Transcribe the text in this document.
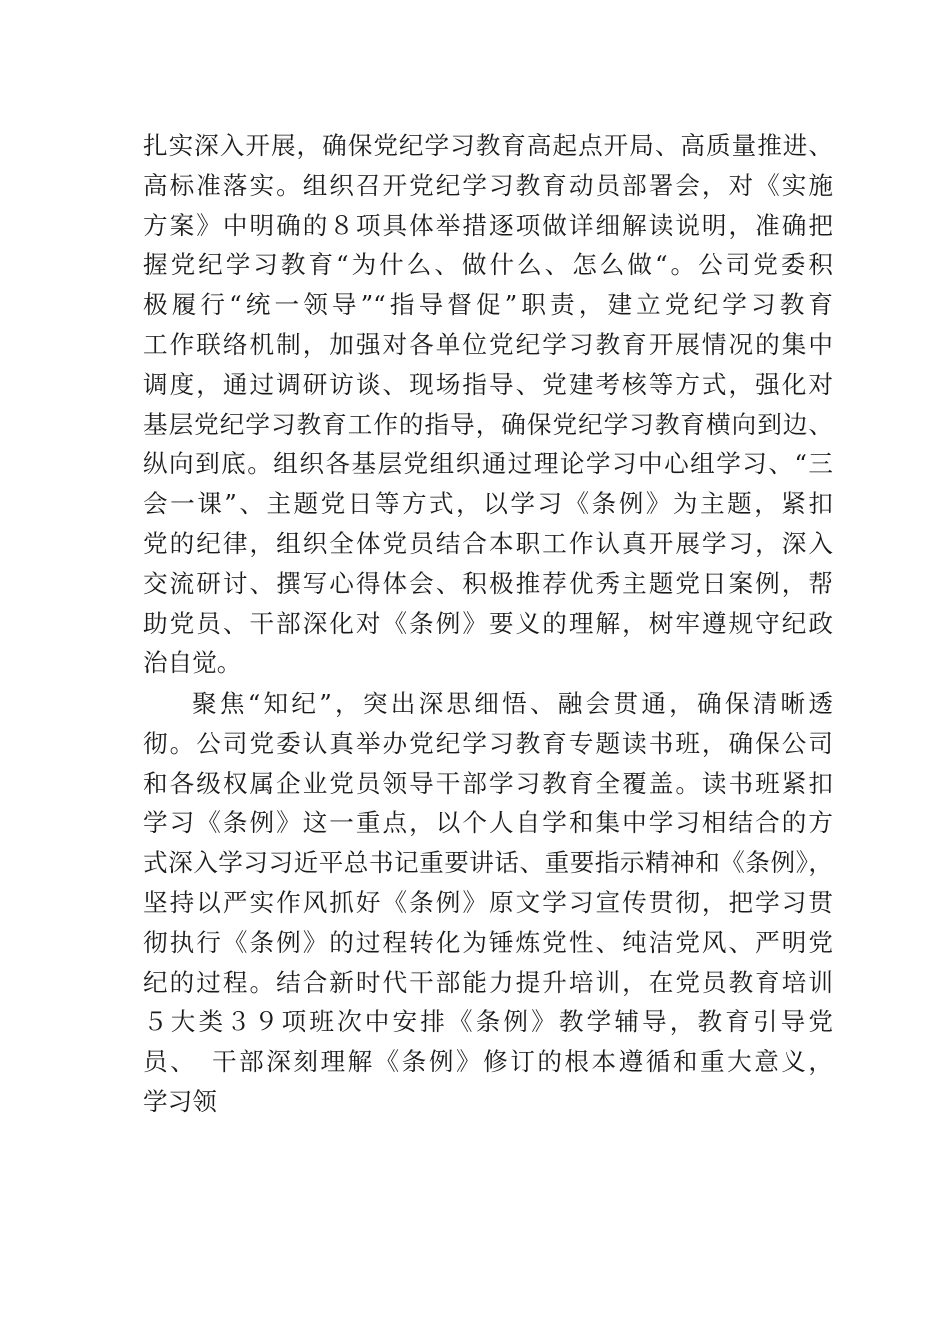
扎实深入开展，确保党纪学习教育高起点开局、高质量推进、
高标准落实。组织召开党纪学习教育动员部署会，对《实施
方案》中明确的８项具体举措逐项做详细解读说明，准确把
握党纪学习教育“为什么、做什么、怎么做“。公司党委积
极履行“统一领导”“指导督促”职责，建立党纪学习教育
工作联络机制，加强对各单位党纪学习教育开展情况的集中
调度，通过调研访谈、现场指导、党建考核等方式，强化对
基层党纪学习教育工作的指导，确保党纪学习教育横向到边、
纵向到底。组织各基层党组织通过理论学习中心组学习、“三
会一课”、主题党日等方式，以学习《条例》为主题，紧扣
党的纪律，组织全体党员结合本职工作认真开展学习，深入
交流研讨、撰写心得体会、积极推荐优秀主题党日案例，帮
助党员、干部深化对《条例》要义的理解，树牢遵规守纪政
治自觉。
聚焦“知纪”，突出深思细悟、融会贯通，确保清晰透
彻。公司党委认真举办党纪学习教育专题读书班，确保公司
和各级权属企业党员领导干部学习教育全覆盖。读书班紧扣
学习《条例》这一重点，以个人自学和集中学习相结合的方
式深入学习习近平总书记重要讲话、重要指示精神和《条例》，
坚持以严实作风抓好《条例》原文学习宣传贯彻，把学习贯
彻执行《条例》的过程转化为锤炼党性、纯洁党风、严明党
纪的过程。结合新时代干部能力提升培训，在党员教育培训
５大类３９项班次中安排《条例》教学辅导，教育引导党
员、　干部深刻理解《条例》修订的根本遵循和重大意义，
学习领
